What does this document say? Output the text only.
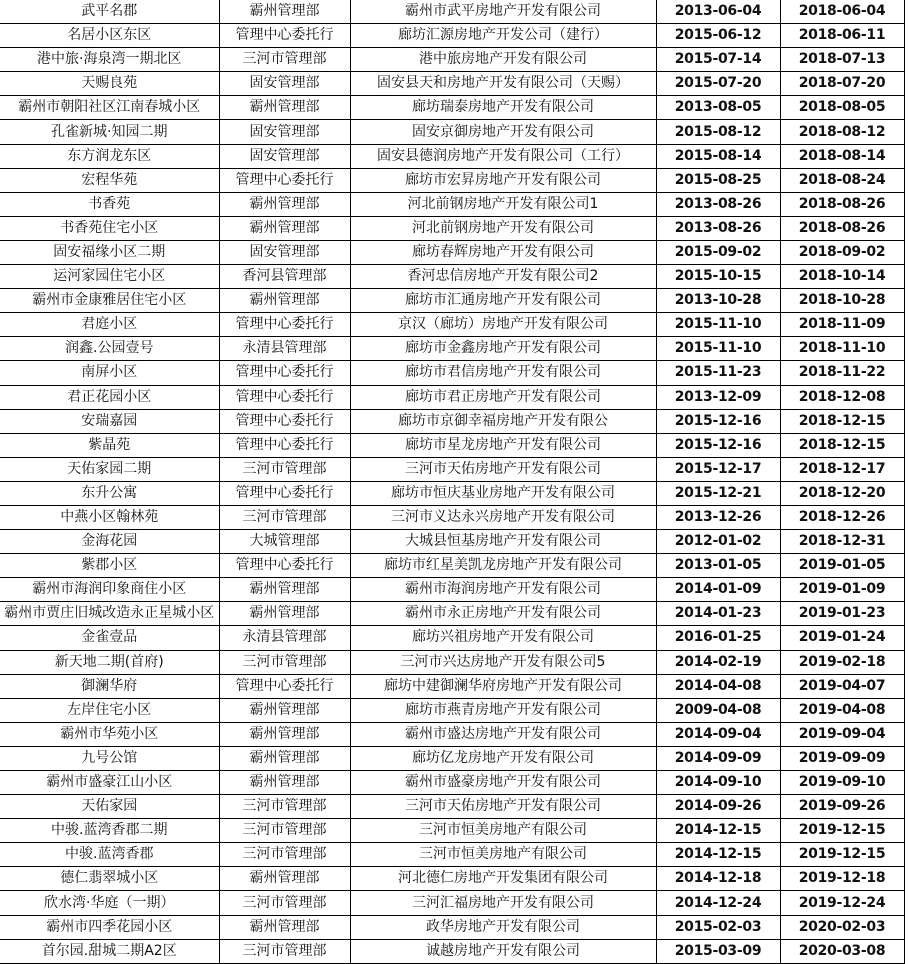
武平名郡	霸州管理部	霸州市武平房地产开发有限公司	2013-06-04	2018-06-04
名居小区东区	管理中心委托行	廊坊汇源房地产开发公司（建行）	2015-06-12	2018-06-11
港中旅·海泉湾一期北区	三河市管理部	港中旅房地产开发有限公司	2015-07-14	2018-07-13
天赐良苑	固安管理部	固安县天和房地产开发有限公司（天赐）	2015-07-20	2018-07-20
霸州市朝阳社区江南春城小区	霸州管理部	廊坊瑞泰房地产开发有限公司	2013-08-05	2018-08-05
孔雀新城·知园二期	固安管理部	固安京御房地产开发有限公司	2015-08-12	2018-08-12
东方润龙东区	固安管理部	固安县德润房地产开发有限公司（工行）	2015-08-14	2018-08-14
宏程华苑	管理中心委托行	廊坊市宏昇房地产开发有限公司	2015-08-25	2018-08-24
书香苑	霸州管理部	河北前钢房地产开发有限公司1	2013-08-26	2018-08-26
书香苑住宅小区	霸州管理部	河北前钢房地产开发有限公司	2013-08-26	2018-08-26
固安福缘小区二期	固安管理部	廊坊春辉房地产开发有限公司	2015-09-02	2018-09-02
运河家园住宅小区	香河县管理部	香河忠信房地产开发有限公司2	2015-10-15	2018-10-14
霸州市金康雅居住宅小区	霸州管理部	廊坊市汇通房地产开发有限公司	2013-10-28	2018-10-28
君庭小区	管理中心委托行	京汉（廊坊）房地产开发有限公司	2015-11-10	2018-11-09
润鑫.公园壹号	永清县管理部	廊坊市金鑫房地产开发有限公司	2015-11-10	2018-11-10
南屏小区	管理中心委托行	廊坊市君信房地产开发有限公司	2015-11-23	2018-11-22
君正花园小区	管理中心委托行	廊坊市君正房地产开发有限公司	2013-12-09	2018-12-08
安瑞嘉园	管理中心委托行	廊坊市京御幸福房地产开发有限公	2015-12-16	2018-12-15
紫晶苑	管理中心委托行	廊坊市星龙房地产开发有限公司	2015-12-16	2018-12-15
天佑家园二期	三河市管理部	三河市天佑房地产开发有限公司	2015-12-17	2018-12-17
东升公寓	管理中心委托行	廊坊市恒庆基业房地产开发有限公司	2015-12-21	2018-12-20
中燕小区翰林苑	三河市管理部	三河市义达永兴房地产开发有限公司	2013-12-26	2018-12-26
金海花园	大城管理部	大城县恒基房地产开发有限公司	2012-01-02	2018-12-31
紫郡小区	管理中心委托行	廊坊市红星美凯龙房地产开发有限公司	2013-01-05	2019-01-05
霸州市海润印象商住小区	霸州管理部	霸州市海润房地产开发有限公司	2014-01-09	2019-01-09
霸州市贾庄旧城改造永正星城小区	霸州管理部	霸州市永正房地产开发有限公司	2014-01-23	2019-01-23
金雀壹品	永清县管理部	廊坊兴祖房地产开发有限公司	2016-01-25	2019-01-24
新天地二期(首府)	三河市管理部	三河市兴达房地产开发有限公司5	2014-02-19	2019-02-18
御澜华府	管理中心委托行	廊坊中建御澜华府房地产开发有限公司	2014-04-08	2019-04-07
左岸住宅小区	霸州管理部	廊坊市燕青房地产开发有限公司	2009-04-08	2019-04-08
霸州市华苑小区	霸州管理部	霸州市盛达房地产开发有限公司	2014-09-04	2019-09-04
九号公馆	霸州管理部	廊坊亿龙房地产开发有限公司	2014-09-09	2019-09-09
霸州市盛豪江山小区	霸州管理部	霸州市盛豪房地产开发有限公司	2014-09-10	2019-09-10
天佑家园	三河市管理部	三河市天佑房地产开发有限公司	2014-09-26	2019-09-26
中骏.蓝湾香郡二期	三河市管理部	三河市恒美房地产有限公司	2014-12-15	2019-12-15
中骏.蓝湾香郡	三河市管理部	三河市恒美房地产有限公司	2014-12-15	2019-12-15
德仁翡翠城小区	霸州管理部	河北德仁房地产开发集团有限公司	2014-12-18	2019-12-18
欣水湾·华庭（一期）	三河市管理部	三河汇福房地产开发有限公司	2014-12-24	2019-12-24
霸州市四季花园小区	霸州管理部	政华房地产开发有限公司	2015-02-03	2020-02-03
首尔园.甜城二期A2区	三河市管理部	诚越房地产开发有限公司	2015-03-09	2020-03-08
